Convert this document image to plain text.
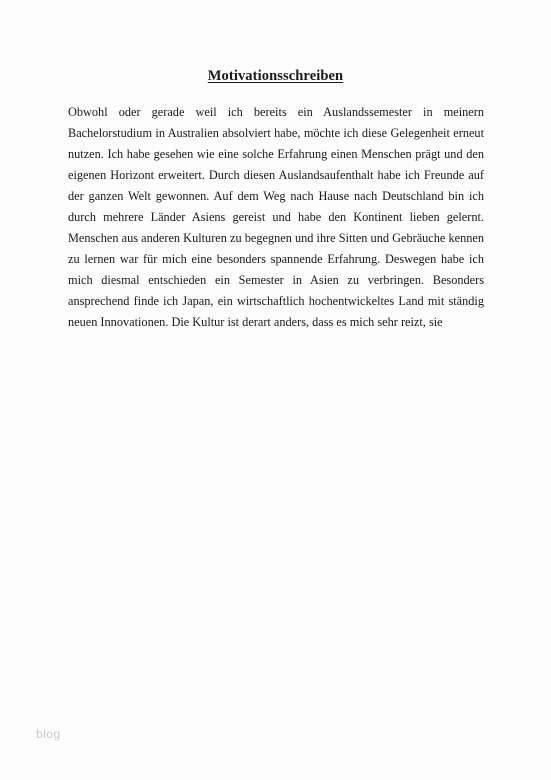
Motivationsschreiben

Obwohl oder gerade weil ich bereits ein Auslandssemester in meinern Bachelorstudium in Australien absolviert habe, möchte ich diese Gelegenheit erneut nutzen. Ich habe gesehen wie eine solche Erfahrung einen Menschen prägt und den eigenen Horizont erweitert. Durch diesen Auslandsaufenthalt habe ich Freunde auf der ganzen Welt gewonnen. Auf dem Weg nach Hause nach Deutschland bin ich durch mehrere Länder Asiens gereist und habe den Kontinent lieben gelernt. Menschen aus anderen Kulturen zu begegnen und ihre Sitten und Gebräuche kennen zu lernen war für mich eine besonders spannende Erfahrung. Deswegen habe ich mich diesmal entschieden ein Semester in Asien zu verbringen. Besonders ansprechend finde ich Japan, ein wirtschaftlich hochentwickeltes Land mit ständig neuen Innovationen. Die Kultur ist derart anders, dass es mich sehr reizt, sie

blog
